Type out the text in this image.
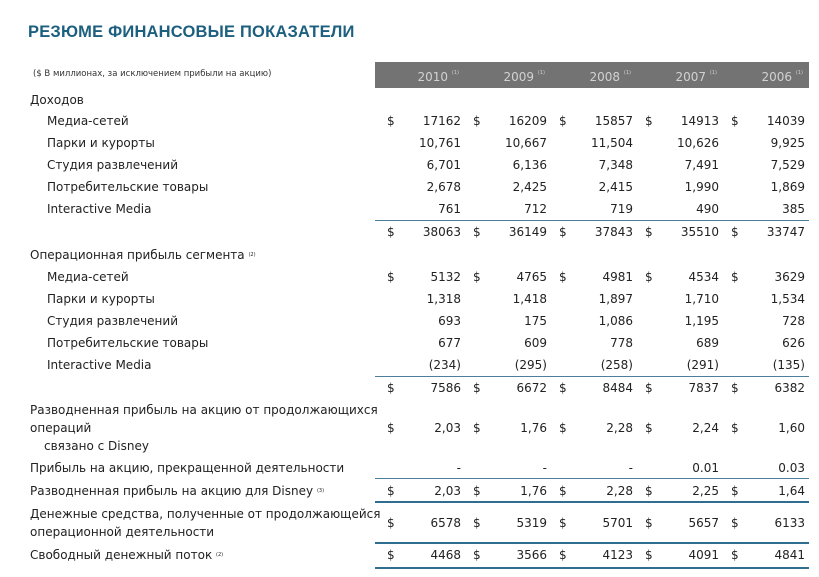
РЕЗЮМЕ ФИНАНСОВЫЕ ПОКАЗАТЕЛИ
($ В миллионах, за исключением прибыли на акцию)	2010 $^{(1)}$	2009 $^{(1)}$	2008 $^{(1)}$	2007 $^{(1)}$	2006 $^{(1)}$
Доходов
Медиа-сетей	$ 17162 $ 16209 $ 15857 $ 14913 $ 14039
Парки и курорты	10,761	10,667	11,504	10,626	9,925
Студия развлечений	6,701	6,136	7,348	7,491	7,529
Потребительские товары	2,678	2,425	2,415	1,990	1,869
Interactive Media	761	712	719	490	385
$ 38063 $ 36149 $ 37843 $ 35510 $ 33747
Операционная прибыль сегмента $^{(2)}$
Медиа-сетей	$	5132 $	4765 $	4981 $	4534 $	3629
Парки и курорты	1,318	1,418	1,897	1,710	1,534
Студия развлечений	693	175	1,086	1,195	728
Потребительские товары	677	609	778	689	626
Interactive Media	(234)	(295)	(258)	(291)	(135)
$	7586 $	6672 $	8484 $	7837 $	6382
Разводненная прибыль на акцию от продолжающихся
операций
связано с Disney
$	2,03 $	1,76 $	2,28 $	2,24 $	1,60
Прибыль на акцию, прекращенной деятельности	-	-	-	0.01	0.03
Разводненная прибыль на акцию для Disney $^{(3)}$	$	2,03 $	1,76 $	2,28 $	2,25 $	1,64
Денежные средства, полученные от продолжающейся
операционной деятельности
$	6578 $	5319 $	5701 $	5657 $	6133
Свободный денежный поток $^{(2)}$	$	4468 $	3566 $	4123 $	4091 $	4841
